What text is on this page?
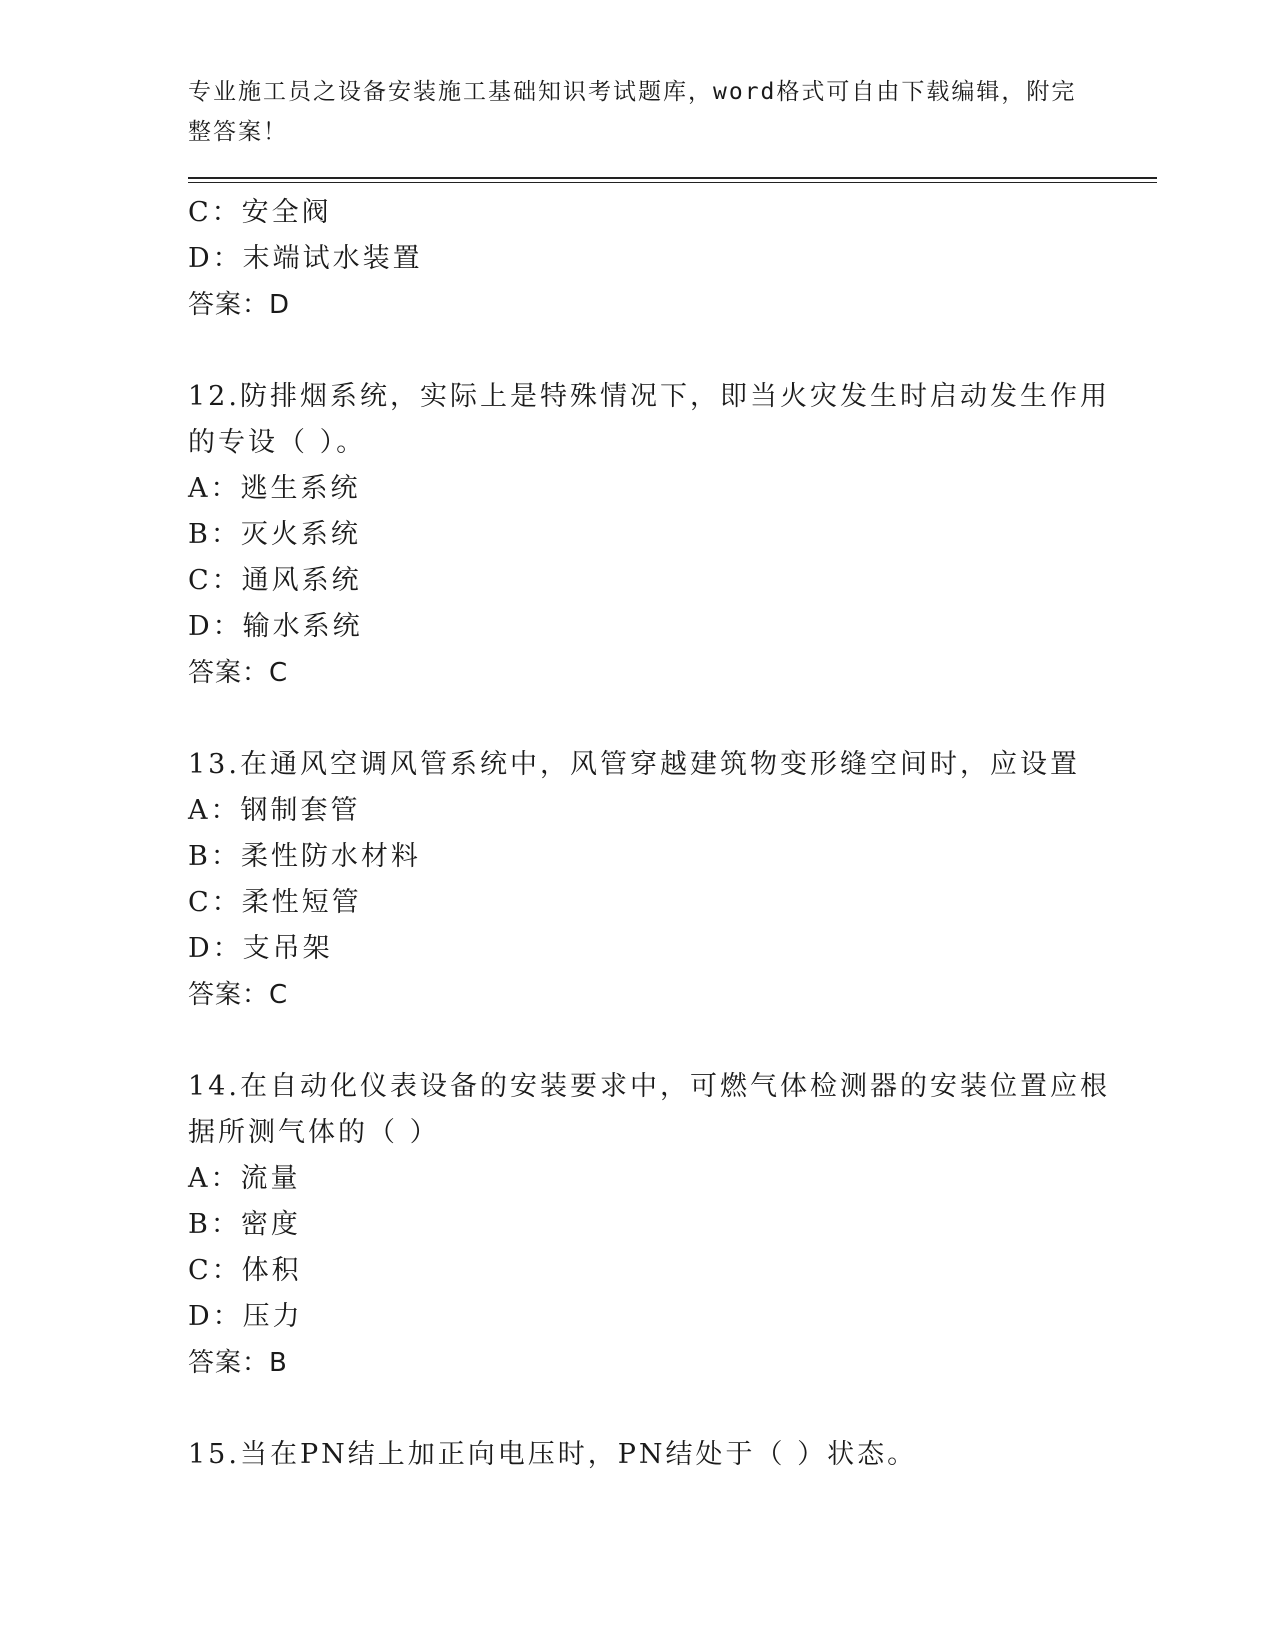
专业施工员之设备安装施工基础知识考试题库，word格式可自由下载编辑，附完
整答案！
C：安全阀
D：末端试水装置
答案：D
12.防排烟系统，实际上是特殊情况下，即当火灾发生时启动发生作用
的专设（ ）。
A：逃生系统
B：灭火系统
C：通风系统
D：输水系统
答案：C
13.在通风空调风管系统中，风管穿越建筑物变形缝空间时，应设置
A：钢制套管
B：柔性防水材料
C：柔性短管
D：支吊架
答案：C
14.在自动化仪表设备的安装要求中，可燃气体检测器的安装位置应根
据所测气体的（ ）
A：流量
B：密度
C：体积
D：压力
答案：B
15.当在PN结上加正向电压时，PN结处于（ ）状态。
